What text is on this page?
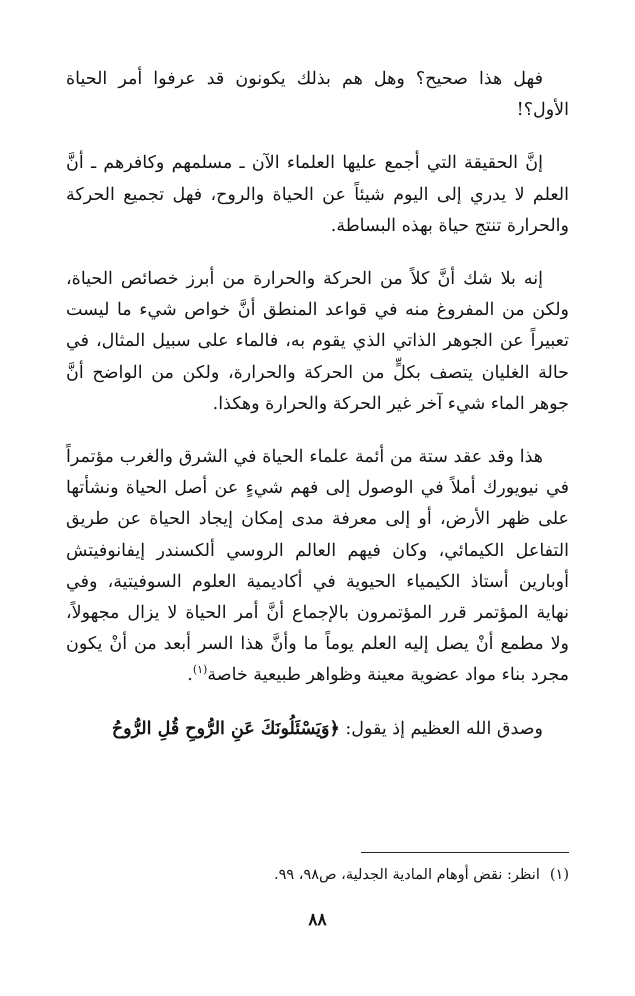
فهل هذا صحيح؟ وهل هم بذلك يكونون قد عرفوا أمر الحياة الأول؟!

إنَّ الحقيقة التي أجمع عليها العلماء الآن ـ مسلمهم وكافرهم ـ أنَّ العلم لا يدري إلى اليوم شيئاً عن الحياة والروح، فهل تجميع الحركة والحرارة تنتج حياة بهذه البساطة.

إنه بلا شك أنَّ كلاً من الحركة والحرارة من أبرز خصائص الحياة، ولكن من المفروغ منه في قواعد المنطق أنَّ خواص شيء ما ليست تعبيراً عن الجوهر الذاتي الذي يقوم به، فالماء على سبيل المثال، في حالة الغليان يتصف بكلٍّ من الحركة والحرارة، ولكن من الواضح أنَّ جوهر الماء شيء آخر غير الحركة والحرارة وهكذا.

هذا وقد عقد ستة من أئمة علماء الحياة في الشرق والغرب مؤتمراً في نيويورك أملاً في الوصول إلى فهم شيءٍ عن أصل الحياة ونشأتها على ظهر الأرض، أو إلى معرفة مدى إمكان إيجاد الحياة عن طريق التفاعل الكيمائي، وكان فيهم العالم الروسي ألكسندر إيفانوفيتش أوبارين أستاذ الكيمياء الحيوية في أكاديمية العلوم السوفيتية، وفي نهاية المؤتمر قرر المؤتمرون بالإجماع أنَّ أمر الحياة لا يزال مجهولاً، ولا مطمع أنْ يصل إليه العلم يوماً ما وأنَّ هذا السر أبعد من أنْ يكون مجرد بناء مواد عضوية معينة وظواهر طبيعية خاصة$^{(١)}$.

وصدق الله العظيم إذ يقول: ﴿وَيَسْئَلُونَكَ عَنِ الرُّوحِ قُلِ الرُّوحُ

(١)انظر: نقض أوهام المادية الجدلية، ص٩٨، ٩٩.
٨٨
